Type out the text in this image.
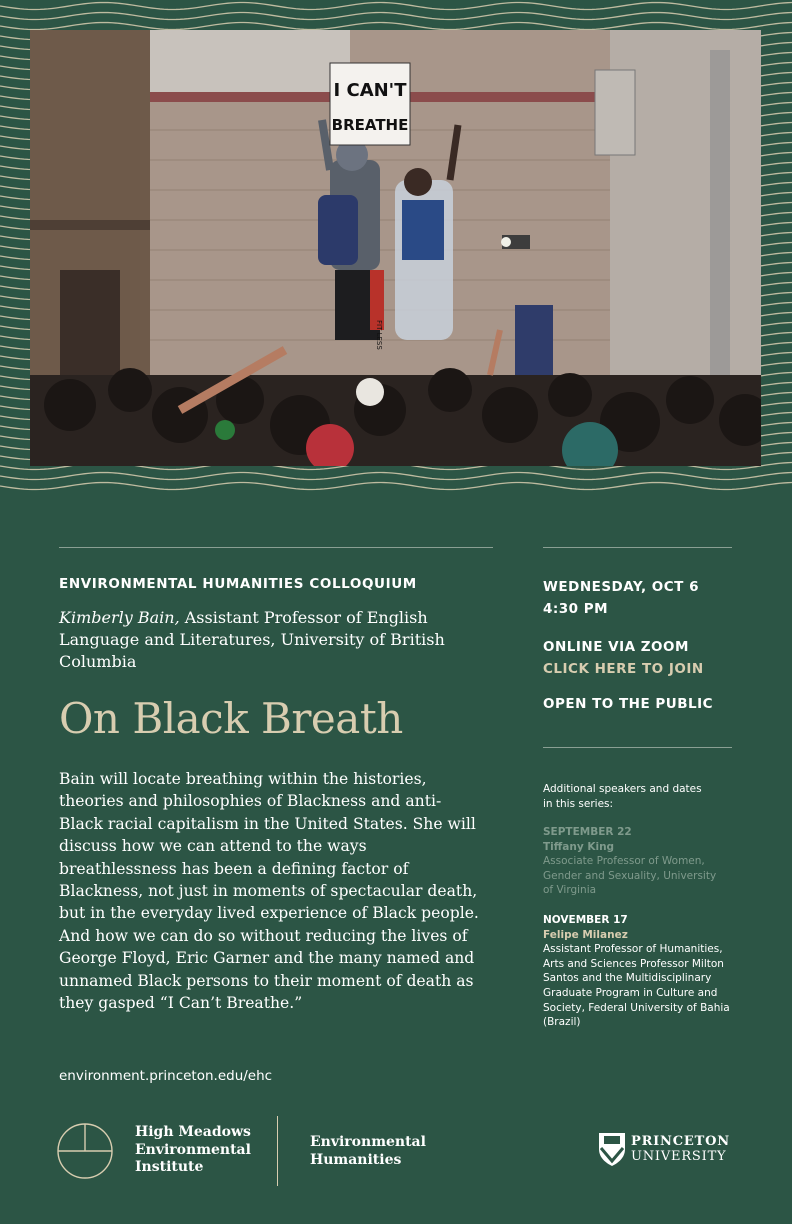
I CAN'T
BREATHE
FIT LESS
ENVIRONMENTAL HUMANITIES COLLOQUIUM
Kimberly Bain, Assistant Professor of English Language and Literatures, University of British Columbia
On Black Breath
Bain will locate breathing within the histories, theories and philosophies of Blackness and anti-Black racial capitalism in the United States. She will discuss how we can attend to the ways breathlessness has been a defining factor of Blackness, not just in moments of spectacular death, but in the everyday lived experience of Black people. And how we can do so without reducing the lives of George Floyd, Eric Garner and the many named and unnamed Black persons to their moment of death as they gasped “I Can’t Breathe.”
environment.princeton.edu/ehc
WEDNESDAY, OCT 6
4:30 PM
ONLINE VIA ZOOM
CLICK HERE TO JOIN
OPEN TO THE PUBLIC
Additional speakers and dates in this series:
SEPTEMBER 22
Tiffany King
Associate Professor of Women, Gender and Sexuality, University of Virginia
NOVEMBER 17
Felipe Milanez
Assistant Professor of Humanities, Arts and Sciences Professor Milton Santos and the Multidisciplinary Graduate Program in Culture and Society, Federal University of Bahia (Brazil)
High Meadows
Environmental
Institute
Environmental
Humanities
PRINCETON
UNIVERSITY
